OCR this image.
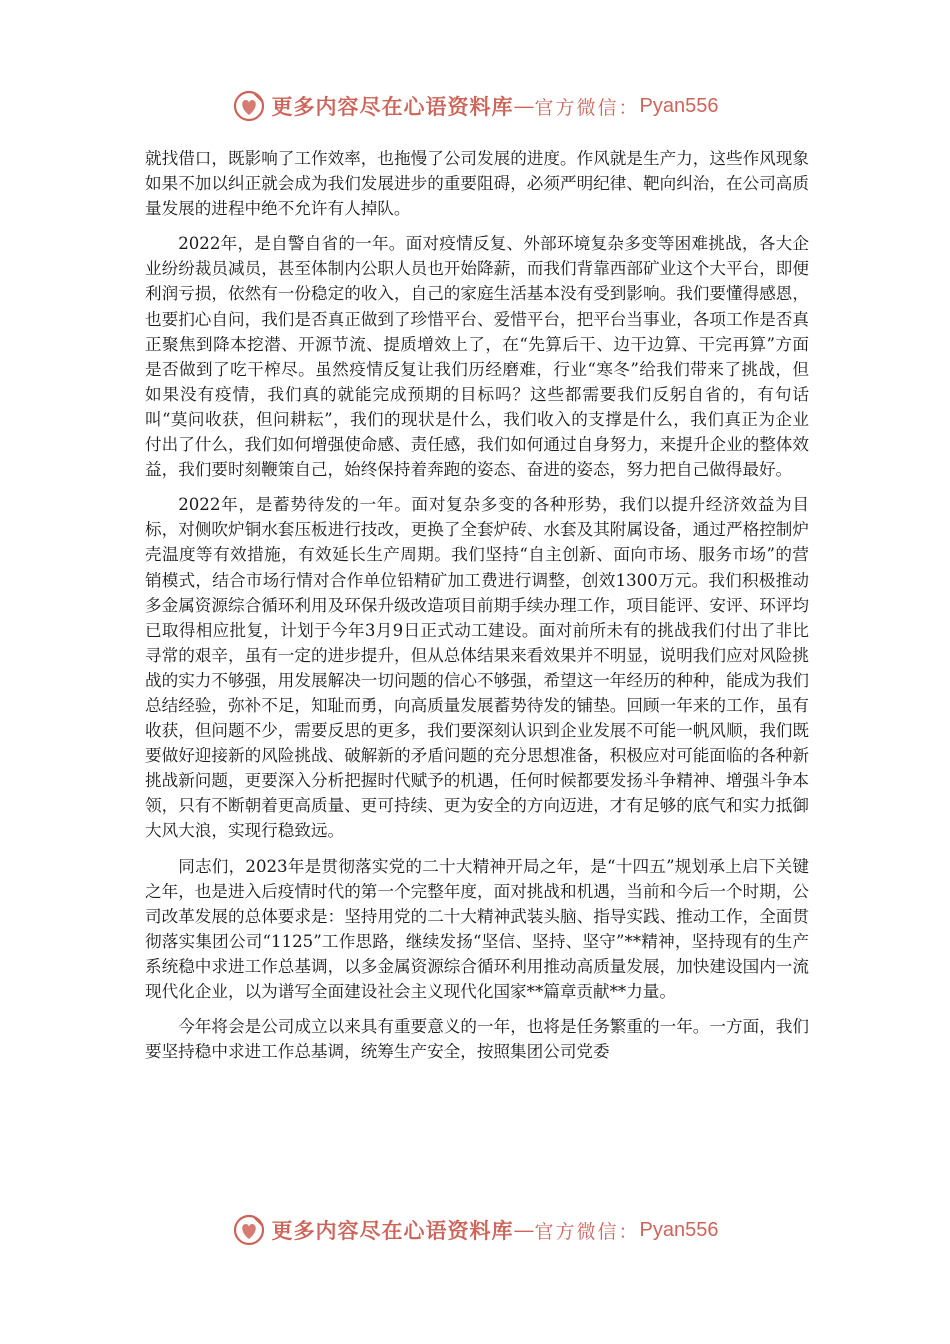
更多内容尽在心语资料库 — 官方微信： Pyan556

就找借口，既影响了工作效率，也拖慢了公司发展的进度。作风就是生产力，这些作风现象如果不加以纠正就会成为我们发展进步的重要阻碍，必须严明纪律、靶向纠治，在公司高质量发展的进程中绝不允许有人掉队。

2022年，是自警自省的一年。面对疫情反复、外部环境复杂多变等困难挑战，各大企业纷纷裁员减员，甚至体制内公职人员也开始降薪，而我们背靠西部矿业这个大平台，即便利润亏损，依然有一份稳定的收入，自己的家庭生活基本没有受到影响。我们要懂得感恩，也要扪心自问，我们是否真正做到了珍惜平台、爱惜平台，把平台当事业，各项工作是否真正聚焦到降本挖潜、开源节流、提质增效上了，在“先算后干、边干边算、干完再算”方面是否做到了吃干榨尽。虽然疫情反复让我们历经磨难，行业“寒冬”给我们带来了挑战，但如果没有疫情，我们真的就能完成预期的目标吗？这些都需要我们反躬自省的，有句话叫“莫问收获，但问耕耘”，我们的现状是什么，我们收入的支撑是什么，我们真正为企业付出了什么，我们如何增强使命感、责任感，我们如何通过自身努力，来提升企业的整体效益，我们要时刻鞭策自己，始终保持着奔跑的姿态、奋进的姿态，努力把自己做得最好。

2022年，是蓄势待发的一年。面对复杂多变的各种形势，我们以提升经济效益为目标，对侧吹炉铜水套压板进行技改，更换了全套炉砖、水套及其附属设备，通过严格控制炉壳温度等有效措施，有效延长生产周期。我们坚持“自主创新、面向市场、服务市场”的营销模式，结合市场行情对合作单位铅精矿加工费进行调整，创效1300万元。我们积极推动多金属资源综合循环利用及环保升级改造项目前期手续办理工作，项目能评、安评、环评均已取得相应批复，计划于今年3月9日正式动工建设。面对前所未有的挑战我们付出了非比寻常的艰辛，虽有一定的进步提升，但从总体结果来看效果并不明显，说明我们应对风险挑战的实力不够强，用发展解决一切问题的信心不够强，希望这一年经历的种种，能成为我们总结经验，弥补不足，知耻而勇，向高质量发展蓄势待发的铺垫。回顾一年来的工作，虽有收获，但问题不少，需要反思的更多，我们要深刻认识到企业发展不可能一帆风顺，我们既要做好迎接新的风险挑战、破解新的矛盾问题的充分思想准备，积极应对可能面临的各种新挑战新问题，更要深入分析把握时代赋予的机遇，任何时候都要发扬斗争精神、增强斗争本领，只有不断朝着更高质量、更可持续、更为安全的方向迈进，才有足够的底气和实力抵御大风大浪，实现行稳致远。

同志们，2023年是贯彻落实党的二十大精神开局之年，是“十四五”规划承上启下关键之年，也是进入后疫情时代的第一个完整年度，面对挑战和机遇，当前和今后一个时期，公司改革发展的总体要求是：坚持用党的二十大精神武装头脑、指导实践、推动工作，全面贯彻落实集团公司“1125”工作思路，继续发扬“坚信、坚持、坚守”**精神，坚持现有的生产系统稳中求进工作总基调，以多金属资源综合循环利用推动高质量发展，加快建设国内一流现代化企业，以为谱写全面建设社会主义现代化国家**篇章贡献**力量。

今年将会是公司成立以来具有重要意义的一年，也将是任务繁重的一年。一方面，我们要坚持稳中求进工作总基调，统筹生产安全，按照集团公司党委

更多内容尽在心语资料库 — 官方微信： Pyan556
